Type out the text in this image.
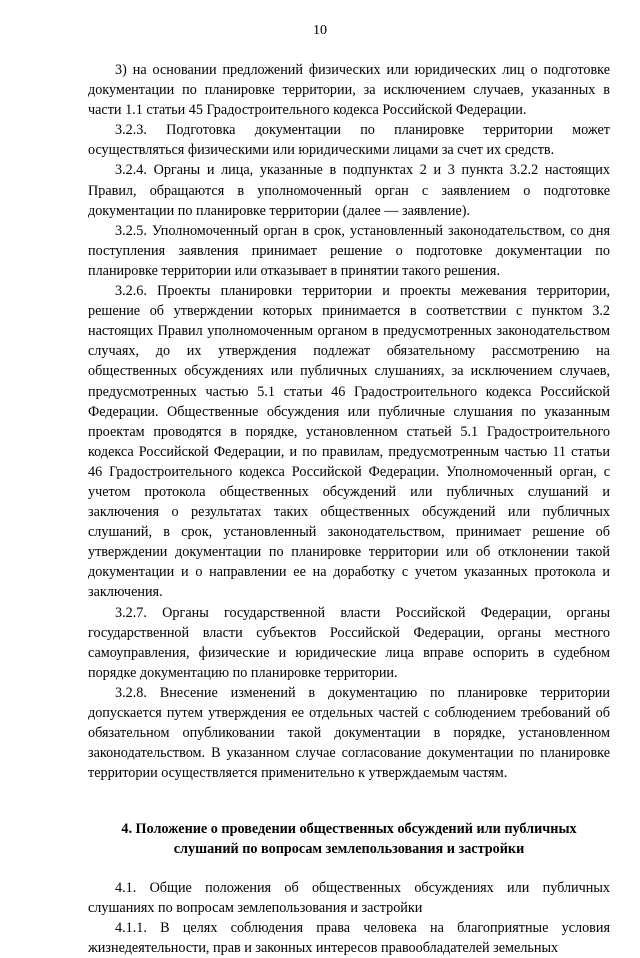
10

3) на основании предложений физических или юридических лиц о подготовке документации по планировке территории, за исключением случаев, указанных в части 1.1 статьи 45 Градостроительного кодекса Российской Федерации.

3.2.3. Подготовка документации по планировке территории может осуществляться физическими или юридическими лицами за счет их средств.

3.2.4. Органы и лица, указанные в подпунктах 2 и 3 пункта 3.2.2 настоящих Правил, обращаются в уполномоченный орган с заявлением о подготовке документации по планировке территории (далее — заявление).

3.2.5. Уполномоченный орган в срок, установленный законодательством, со дня поступления заявления принимает решение о подготовке документации по планировке территории или отказывает в принятии такого решения.

3.2.6. Проекты планировки территории и проекты межевания территории, решение об утверждении которых принимается в соответствии с пунктом 3.2 настоящих Правил уполномоченным органом в предусмотренных законодательством случаях, до их утверждения подлежат обязательному рассмотрению на общественных обсуждениях или публичных слушаниях, за исключением случаев, предусмотренных частью 5.1 статьи 46 Градостроительного кодекса Российской Федерации. Общественные обсуждения или публичные слушания по указанным проектам проводятся в порядке, установленном статьей 5.1 Градостроительного кодекса Российской Федерации, и по правилам, предусмотренным частью 11 статьи 46 Градостроительного кодекса Российской Федерации. Уполномоченный орган, с учетом протокола общественных обсуждений или публичных слушаний и заключения о результатах таких общественных обсуждений или публичных слушаний, в срок, установленный законодательством, принимает решение об утверждении документации по планировке территории или об отклонении такой документации и о направлении ее на доработку с учетом указанных протокола и заключения.

3.2.7. Органы государственной власти Российской Федерации, органы государственной власти субъектов Российской Федерации, органы местного самоуправления, физические и юридические лица вправе оспорить в судебном порядке документацию по планировке территории.

3.2.8. Внесение изменений в документацию по планировке территории допускается путем утверждения ее отдельных частей с соблюдением требований об обязательном опубликовании такой документации в порядке, установленном законодательством. В указанном случае согласование документации по планировке территории осуществляется применительно к утверждаемым частям.

4. Положение о проведении общественных обсуждений или публичных
слушаний по вопросам землепользования и застройки

4.1. Общие положения об общественных обсуждениях или публичных слушаниях по вопросам землепользования и застройки

4.1.1. В целях соблюдения права человека на благоприятные условия жизнедеятельности, прав и законных интересов правообладателей земельных
